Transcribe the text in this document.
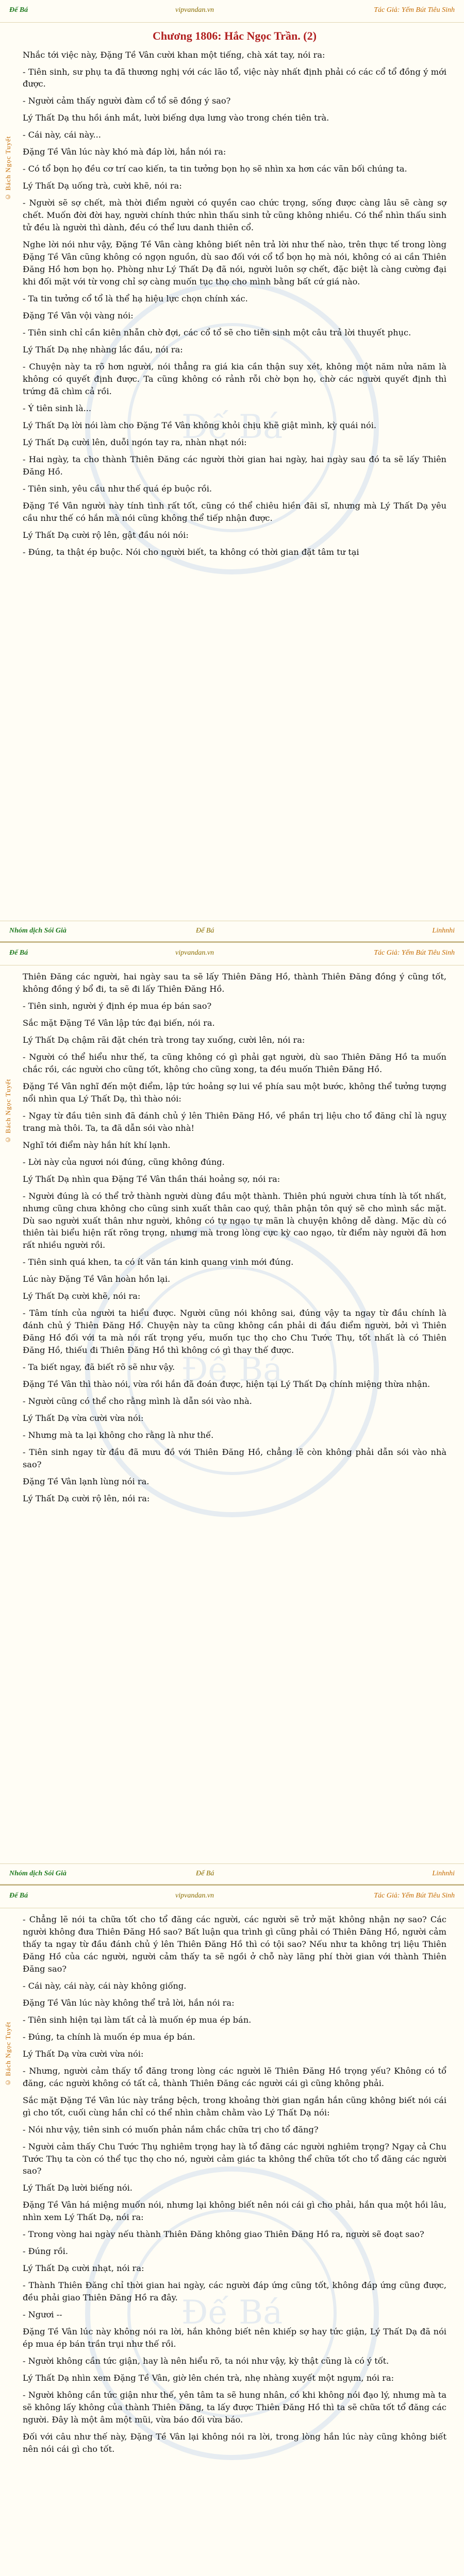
Đế Bá	vipvandan.vn	Tác Giả: Yếm Bút Tiêu Sinh
© Bách Ngọc Tuyết
Đế Bá
Chương 1806: Hắc Ngọc Trần. (2)

Nhắc tới việc này, Đặng Tề Vân cười khan một tiếng, chà xát tay, nói ra:

- Tiên sinh, sư phụ ta đã thương nghị với các lão tổ, việc này nhất định phải có các cổ tổ đồng ý mới được.

- Người cảm thấy người đàm cổ tổ sẽ đồng ý sao?

Lý Thất Dạ thu hồi ánh mắt, lười biếng dựa lưng vào trong chén tiên trà.

- Cái này, cái này...

Đặng Tề Vân lúc này khó mà đáp lời, hắn nói ra:

- Có tổ bọn họ đều cơ trí cao kiến, ta tin tưởng bọn họ sẽ nhìn xa hơn các vãn bối chúng ta.

Lý Thất Dạ uống trà, cười khẽ, nói ra:

- Người sẽ sợ chết, mà thời điểm người có quyền cao chức trọng, sống được càng lâu sẽ càng sợ chết. Muốn đời đời hay, người chính thức nhìn thấu sinh tử cũng không nhiều. Có thể nhìn thấu sinh tử đều là người thì dành, đều có thể lưu danh thiên cổ.

Nghe lời nói như vậy, Đặng Tề Vân càng không biết nên trả lời như thế nào, trên thực tế trong lòng Đặng Tề Vân cũng không có ngọn nguồn, dù sao đối với cổ tổ bọn họ mà nói, không có ai cần Thiên Đăng Hồ hơn bọn họ. Phòng như Lý Thất Dạ đã nói, người luôn sợ chết, đặc biệt là càng cường đại khi đối mặt với từ vong chỉ sợ càng muốn tục thọ cho mình bằng bất cứ giá nào.

- Ta tin tưởng cổ tổ là thể hạ hiệu lực chọn chính xác.

Đặng Tề Vân vội vàng nói:

- Tiên sinh chỉ cần kiên nhẫn chờ đợi, các cổ tổ sẽ cho tiên sinh một câu trả lời thuyết phục.

Lý Thất Dạ nhẹ nhàng lắc đầu, nói ra:

- Chuyện này ta rõ hơn người, nói thẳng ra giá kia cần thận suy xét, không một năm nửa năm là không có quyết định được. Ta cũng không có rảnh rỗi chờ bọn họ, chờ các người quyết định thì trứng đã chìm cả rồi.

- Ý tiên sinh là...

Lý Thất Dạ lời nói làm cho Đặng Tề Vân không khỏi chịu khẽ giật mình, kỳ quái nói.

Lý Thất Dạ cười lên, duỗi ngón tay ra, nhàn nhạt nói:

- Hai ngày, ta cho thành Thiên Đăng các người thời gian hai ngày, hai ngày sau đó ta sẽ lấy Thiên Đăng Hồ.

- Tiên sinh, yêu cầu như thế quá ép buộc rồi.

Đặng Tề Vân người này tính tình rất tốt, cũng có thể chiêu hiền đãi sĩ, nhưng mà Lý Thất Dạ yêu cầu như thế có hắn mà nói cũng không thể tiếp nhận được.

Lý Thất Dạ cười rộ lên, gật đầu nói nói:

- Đúng, ta thật ép buộc. Nói cho người biết, ta không có thời gian đặt tâm tư tại

Nhóm dịch Sói Già	Đế Bá	Linhnhi
Đế Bá	vipvandan.vn	Tác Giả: Yếm Bút Tiêu Sinh
© Bách Ngọc Tuyết
Đế Bá

Thiên Đăng các người, hai ngày sau ta sẽ lấy Thiên Đăng Hồ, thành Thiên Đăng đồng ý cũng tốt, không đồng ý bổ đi, ta sẽ đi lấy Thiên Đăng Hồ.

- Tiên sinh, người ý định ép mua ép bán sao?

Sắc mặt Đặng Tề Vân lập tức đại biến, nói ra.

Lý Thất Dạ chậm rãi đặt chén trà trong tay xuống, cười lên, nói ra:

- Người có thể hiểu như thế, ta cũng không có gì phải gạt người, dù sao Thiên Đăng Hồ ta muốn chắc rồi, các người cho cũng tốt, không cho cũng xong, ta đều muốn Thiên Đăng Hồ.

Đặng Tề Vân nghĩ đến một điểm, lập tức hoảng sợ lui về phía sau một bước, không thể tưởng tượng nổi nhìn qua Lý Thất Dạ, thì thào nói:

- Ngay từ đầu tiên sinh đã đánh chủ ý lên Thiên Đăng Hồ, về phần trị liệu cho tổ đăng chỉ là nguỵ trang mà thôi. Ta, ta đã dẫn sói vào nhà!

Nghĩ tới điểm này hắn hít khí lạnh.

- Lời này của ngươi nói đúng, cũng không đúng.

Lý Thất Dạ nhìn qua Đặng Tề Vân thần thái hoảng sợ, nói ra:

- Người đúng là có thể trở thành người dùng đầu một thành. Thiên phú người chưa tính là tốt nhất, nhưng cũng chưa không cho cũng sinh xuất thân cao quý, thân phận tôn quý sẽ cho mình sắc mặt. Dù sao người xuất thân như người, không có tự ngạo tự mãn là chuyện không dễ dàng. Mặc dù có thiên tài biểu hiện rất rõng trọng, nhưng mà trong lòng cực kỳ cao ngạo, từ điểm này người đã hơn rất nhiều người rồi.

- Tiên sinh quá khen, ta có ít văn tán kinh quang vinh mới đúng.

Lúc này Đặng Tề Vân hoàn hồn lại.

Lý Thất Dạ cười khẽ, nói ra:

- Tâm tính của người ta hiểu được. Người cũng nói không sai, đúng vậy ta ngay từ đầu chính là đánh chủ ý Thiên Đăng Hồ. Chuyện này ta cũng không cần phải di đầu điểm người, bởi vì Thiên Đăng Hồ đối với ta mà nói rất trọng yếu, muốn tục thọ cho Chu Tước Thụ, tốt nhất là có Thiên Đăng Hồ, thiếu đi Thiên Đăng Hồ thì không có gì thay thế được.

- Ta biết ngay, đã biết rõ sẽ như vậy.

Đặng Tề Vân thì thào nói, vừa rồi hắn đã đoán được, hiện tại Lý Thất Dạ chính miệng thừa nhận.

- Người cũng có thể cho rằng mình là dẫn sói vào nhà.

Lý Thất Dạ vừa cười vừa nói:

- Nhưng mà ta lại không cho rằng là như thế.

- Tiên sinh ngay từ đầu đã mưu đồ với Thiên Đăng Hồ, chẳng lẽ còn không phải dẫn sói vào nhà sao?

Đặng Tề Vân lạnh lùng nói ra.

Lý Thất Dạ cười rộ lên, nói ra:

Nhóm dịch Sói Già	Đế Bá	Linhnhi
Đế Bá	vipvandan.vn	Tác Giả: Yếm Bút Tiêu Sinh
© Bách Ngọc Tuyết
Đế Bá

- Chẳng lẽ nói ta chữa tốt cho tổ đăng các người, các người sẽ trở mặt không nhận nợ sao? Các người không đưa Thiên Đăng Hồ sao? Bất luận qua trình gì cũng phải có Thiên Đăng Hồ, người cảm thấy ta ngay từ đầu đánh chủ ý lên Thiên Đăng Hồ thì có tội sao? Nếu như ta không trị liệu Thiên Đăng Hồ của các người, người cảm thấy ta sẽ ngồi ở chỗ này lãng phí thời gian với thành Thiên Đăng sao?

- Cái này, cái này, cái này không giống.

Đặng Tề Vân lúc này không thể trả lời, hắn nói ra:

- Tiên sinh hiện tại làm tất cả là muốn ép mua ép bán.

- Đúng, ta chính là muốn ép mua ép bán.

Lý Thất Dạ vừa cười vừa nói:

- Nhưng, người cảm thấy tổ đăng trong lòng các người lẽ Thiên Đăng Hồ trọng yếu? Không có tổ đăng, các người không có tất cả, thành Thiên Đăng các người cái gì cũng không phải.

Sắc mặt Đặng Tề Vân lúc này trắng bệch, trong khoảng thời gian ngắn hắn cũng không biết nói cái gì cho tốt, cuối cùng hắn chỉ có thể nhìn chằm chằm vào Lý Thất Dạ nói:

- Nói như vậy, tiên sinh có muốn phản nắm chắc chữa trị cho tổ đăng?

- Người cảm thấy Chu Tước Thụ nghiêm trọng hay là tổ đăng các người nghiêm trọng? Ngay cả Chu Tước Thụ ta còn có thể tục thọ cho nó, người cảm giác ta không thể chữa tốt cho tổ đăng các người sao?

Lý Thất Dạ lười biếng nói.

Đặng Tề Vân há miệng muốn nói, nhưng lại không biết nên nói cái gì cho phải, hắn qua một hồi lâu, nhìn xem Lý Thất Dạ, nói ra:

- Trong vòng hai ngày nếu thành Thiên Đăng không giao Thiên Đăng Hồ ra, người sẽ đoạt sao?

- Đúng rồi.

Lý Thất Dạ cười nhạt, nói ra:

- Thành Thiên Đăng chỉ thời gian hai ngày, các người đáp ứng cũng tốt, không đáp ứng cũng được, đều phải giao Thiên Đăng Hồ ra đây.

- Ngươi --

Đặng Tề Vân lúc này không nói ra lời, hắn không biết nên khiếp sợ hay tức giận, Lý Thất Dạ đã nói ép mua ép bán trần trụi như thế rồi.

- Người không cần tức giận, hay là nên hiểu rõ, ta nói như vậy, kỳ thật cũng là có ý tốt.

Lý Thất Dạ nhìn xem Đặng Tề Vân, giờ lên chén trà, nhẹ nhàng xuyết một ngụm, nói ra:

- Người không cần tức giận như thế, yên tâm ta sẽ hung nhân, có khi không nói đạo lý, nhưng mà ta sẽ không lấy không của thành Thiên Đăng, ta lấy được Thiên Đăng Hồ thì ta sẽ chữa tốt tổ đăng các người. Đây là một âm một mũi, vừa báo đối vừa báo.

Đối với câu như thế này, Đặng Tề Vân lại không nói ra lời, trong lòng hắn lúc này cũng không biết nên nói cái gì cho tốt.
